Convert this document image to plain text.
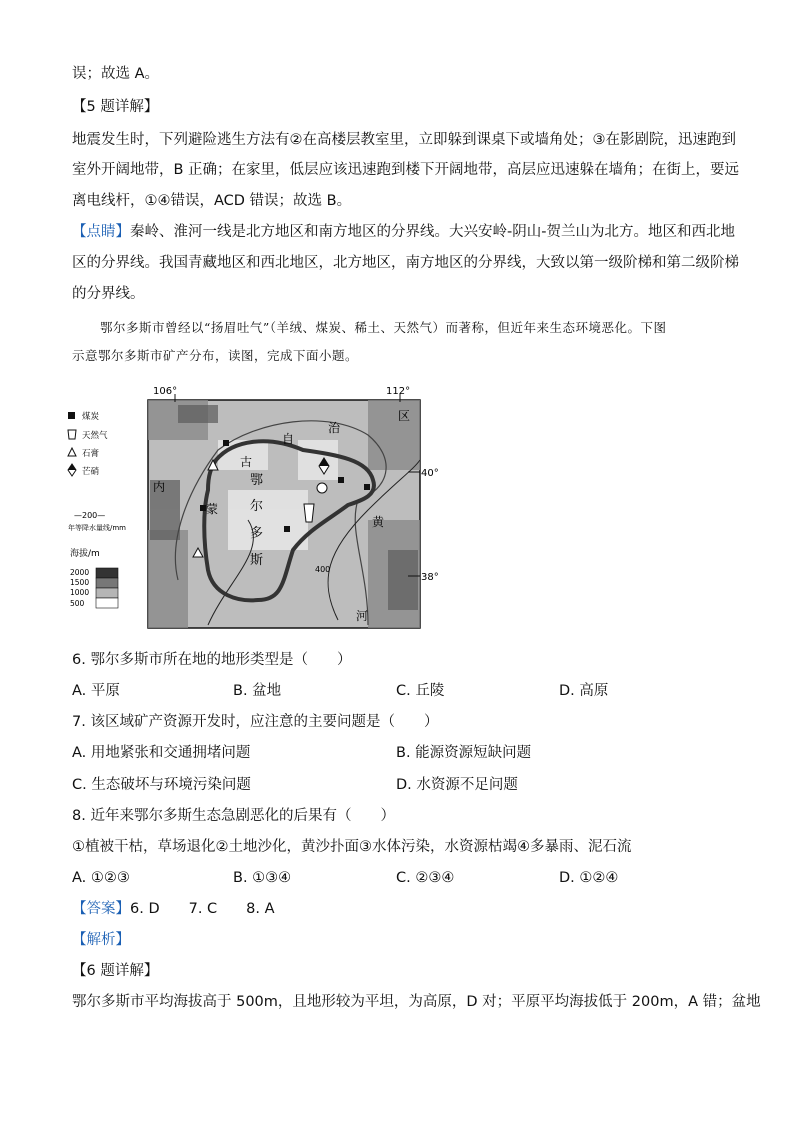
误；故选 A。
【5 题详解】
地震发生时，下列避险逃生方法有②在高楼层教室里，立即躲到课桌下或墙角处；③在影剧院，迅速跑到
室外开阔地带，B 正确；在家里，低层应该迅速跑到楼下开阔地带，高层应迅速躲在墙角；在街上，要远
离电线杆，①④错误，ACD 错误；故选 B。
【点睛】秦岭、淮河一线是北方地区和南方地区的分界线。大兴安岭-阴山-贺兰山为北方。地区和西北地
区的分界线。我国青藏地区和西北地区，北方地区，南方地区的分界线，大致以第一级阶梯和第二级阶梯
的分界线。
鄂尔多斯市曾经以“扬眉吐气”（羊绒、煤炭、稀土、天然气）而著称，但近年来生态环境恶化。下图
示意鄂尔多斯市矿产分布，读图，完成下面小题。
106°	112°
40°
38°
内
蒙
古
自
治
区
鄂
尔
多
斯
黄
河
400
煤炭
天然气
石膏
芒硝
—200—
年等降水量线/mm
海拔/m
2000
1500
1000
500
6. 鄂尔多斯市所在地的地形类型是（　　）
A. 平原	B. 盆地	C. 丘陵	D. 高原
7. 该区域矿产资源开发时，应注意的主要问题是（　　）
A. 用地紧张和交通拥堵问题	B. 能源资源短缺问题
C. 生态破坏与环境污染问题	D. 水资源不足问题
8. 近年来鄂尔多斯生态急剧恶化的后果有（　　）
①植被干枯，草场退化②土地沙化，黄沙扑面③水体污染，水资源枯竭④多暴雨、泥石流
A. ①②③	B. ①③④	C. ②③④	D. ①②④
【答案】6. D　　7. C　　8. A
【解析】
【6 题详解】
鄂尔多斯市平均海拔高于 500m，且地形较为平坦，为高原，D 对；平原平均海拔低于 200m，A 错；盆地
